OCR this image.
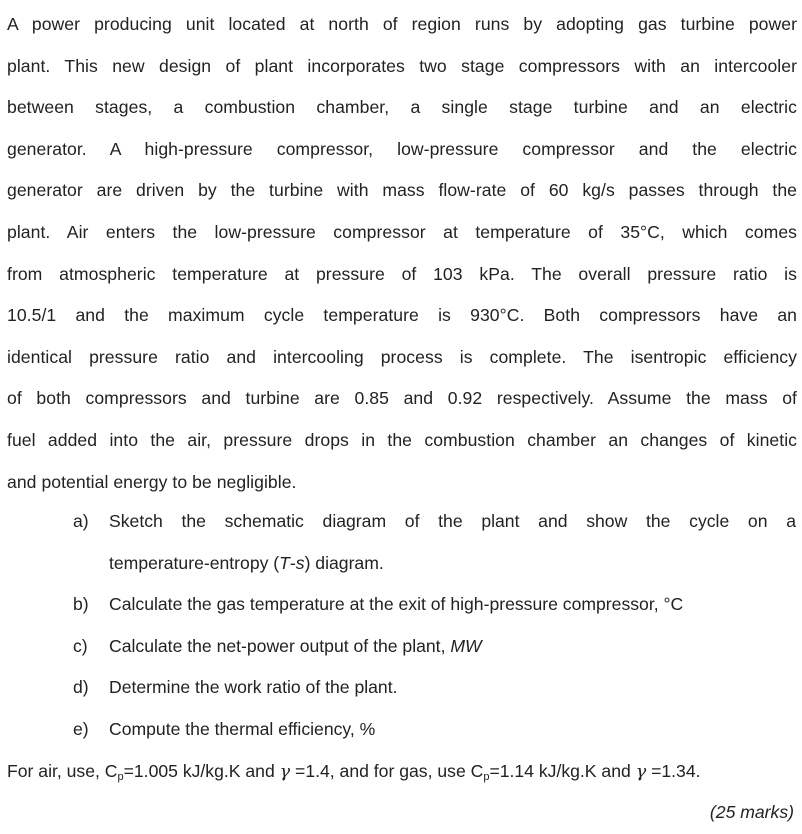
A power producing unit located at north of region runs by adopting gas turbine power
plant. This new design of plant incorporates two stage compressors with an intercooler
between stages, a combustion chamber, a single stage turbine and an electric
generator. A high-pressure compressor, low-pressure compressor and the electric
generator are driven by the turbine with mass flow-rate of 60 kg/s passes through the
plant. Air enters the low-pressure compressor at temperature of 35°C, which comes
from atmospheric temperature at pressure of 103 kPa. The overall pressure ratio is
10.5/1 and the maximum cycle temperature is 930°C. Both compressors have an
identical pressure ratio and intercooling process is complete. The isentropic efficiency
of both compressors and turbine are 0.85 and 0.92 respectively. Assume the mass of
fuel added into the air, pressure drops in the combustion chamber an changes of kinetic
and potential energy to be negligible.
a) Sketch the schematic diagram of the plant and show the cycle on a
temperature-entropy (T-s) diagram.
b) Calculate the gas temperature at the exit of high-pressure compressor, °C
c) Calculate the net-power output of the plant, MW
d) Determine the work ratio of the plant.
e) Compute the thermal efficiency, %
For air, use, $C_p=1.005$ kJ/kg.K and γ =1.4, and for gas, use $C_p=1.14$ kJ/kg.K and γ =1.34.
(25 marks)
